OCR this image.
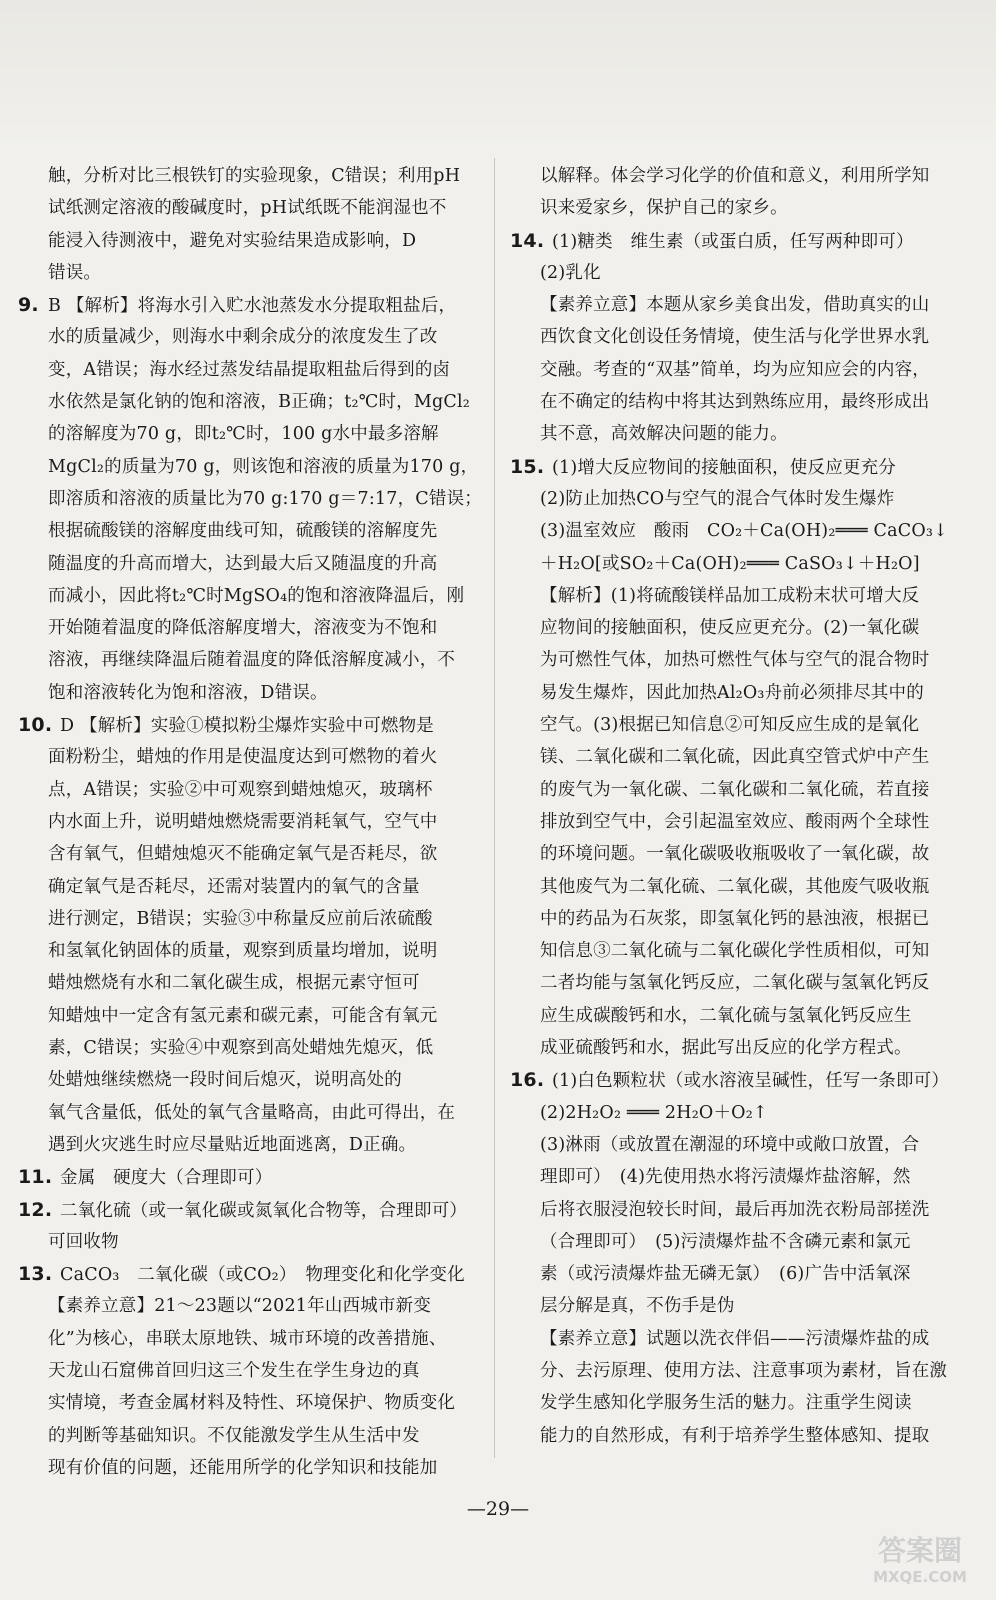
触，分析对比三根铁钉的实验现象，C错误；利用pH
试纸测定溶液的酸碱度时，pH试纸既不能润湿也不
能浸入待测液中，避免对实验结果造成影响，D
错误。
9. B 【解析】将海水引入贮水池蒸发水分提取粗盐后，
水的质量减少，则海水中剩余成分的浓度发生了改
变，A错误；海水经过蒸发结晶提取粗盐后得到的卤
水依然是氯化钠的饱和溶液，B正确；t₂℃时，MgCl₂
的溶解度为70 g，即t₂℃时，100 g水中最多溶解
MgCl₂的质量为70 g，则该饱和溶液的质量为170 g，
即溶质和溶液的质量比为70 g:170 g＝7:17，C错误；
根据硫酸镁的溶解度曲线可知，硫酸镁的溶解度先
随温度的升高而增大，达到最大后又随温度的升高
而减小，因此将t₂℃时MgSO₄的饱和溶液降温后，刚
开始随着温度的降低溶解度增大，溶液变为不饱和
溶液，再继续降温后随着温度的降低溶解度减小，不
饱和溶液转化为饱和溶液，D错误。
10. D 【解析】实验①模拟粉尘爆炸实验中可燃物是
面粉粉尘，蜡烛的作用是使温度达到可燃物的着火
点，A错误；实验②中可观察到蜡烛熄灭，玻璃杯
内水面上升，说明蜡烛燃烧需要消耗氧气，空气中
含有氧气，但蜡烛熄灭不能确定氧气是否耗尽，欲
确定氧气是否耗尽，还需对装置内的氧气的含量
进行测定，B错误；实验③中称量反应前后浓硫酸
和氢氧化钠固体的质量，观察到质量均增加，说明
蜡烛燃烧有水和二氧化碳生成，根据元素守恒可
知蜡烛中一定含有氢元素和碳元素，可能含有氧元
素，C错误；实验④中观察到高处蜡烛先熄灭，低
处蜡烛继续燃烧一段时间后熄灭，说明高处的
氧气含量低，低处的氧气含量略高，由此可得出，在
遇到火灾逃生时应尽量贴近地面逃离，D正确。
11. 金属　硬度大（合理即可）
12. 二氧化硫（或一氧化碳或氮氧化合物等，合理即可）
可回收物
13. CaCO₃　二氧化碳（或CO₂）　物理变化和化学变化
【素养立意】21～23题以“2021年山西城市新变
化”为核心，串联太原地铁、城市环境的改善措施、
天龙山石窟佛首回归这三个发生在学生身边的真
实情境，考查金属材料及特性、环境保护、物质变化
的判断等基础知识。不仅能激发学生从生活中发
现有价值的问题，还能用所学的化学知识和技能加
以解释。体会学习化学的价值和意义，利用所学知
识来爱家乡，保护自己的家乡。
14. (1)糖类　维生素（或蛋白质，任写两种即可）
(2)乳化
【素养立意】本题从家乡美食出发，借助真实的山
西饮食文化创设任务情境，使生活与化学世界水乳
交融。考查的“双基”简单，均为应知应会的内容，
在不确定的结构中将其达到熟练应用，最终形成出
其不意，高效解决问题的能力。
15. (1)增大反应物间的接触面积，使反应更充分
(2)防止加热CO与空气的混合气体时发生爆炸
(3)温室效应　酸雨　CO₂＋Ca(OH)₂═══ CaCO₃↓
＋H₂O[或SO₂＋Ca(OH)₂═══ CaSO₃↓＋H₂O]
【解析】(1)将硫酸镁样品加工成粉末状可增大反
应物间的接触面积，使反应更充分。(2)一氧化碳
为可燃性气体，加热可燃性气体与空气的混合物时
易发生爆炸，因此加热Al₂O₃舟前必须排尽其中的
空气。(3)根据已知信息②可知反应生成的是氧化
镁、二氧化碳和二氧化硫，因此真空管式炉中产生
的废气为一氧化碳、二氧化碳和二氧化硫，若直接
排放到空气中，会引起温室效应、酸雨两个全球性
的环境问题。一氧化碳吸收瓶吸收了一氧化碳，故
其他废气为二氧化硫、二氧化碳，其他废气吸收瓶
中的药品为石灰浆，即氢氧化钙的悬浊液，根据已
知信息③二氧化硫与二氧化碳化学性质相似，可知
二者均能与氢氧化钙反应，二氧化碳与氢氧化钙反
应生成碳酸钙和水，二氧化硫与氢氧化钙反应生
成亚硫酸钙和水，据此写出反应的化学方程式。
16. (1)白色颗粒状（或水溶液呈碱性，任写一条即可）
(2)2H₂O₂ ═══ 2H₂O＋O₂↑
(3)淋雨（或放置在潮湿的环境中或敞口放置，合
理即可）　(4)先使用热水将污渍爆炸盐溶解，然
后将衣服浸泡较长时间，最后再加洗衣粉局部搓洗
（合理即可）　(5)污渍爆炸盐不含磷元素和氯元
素（或污渍爆炸盐无磷无氯）　(6)广告中活氧深
层分解是真，不伤手是伪
【素养立意】试题以洗衣伴侣——污渍爆炸盐的成
分、去污原理、使用方法、注意事项为素材，旨在激
发学生感知化学服务生活的魅力。注重学生阅读
能力的自然形成，有利于培养学生整体感知、提取
—29—
答案圈
MXQE.COM
